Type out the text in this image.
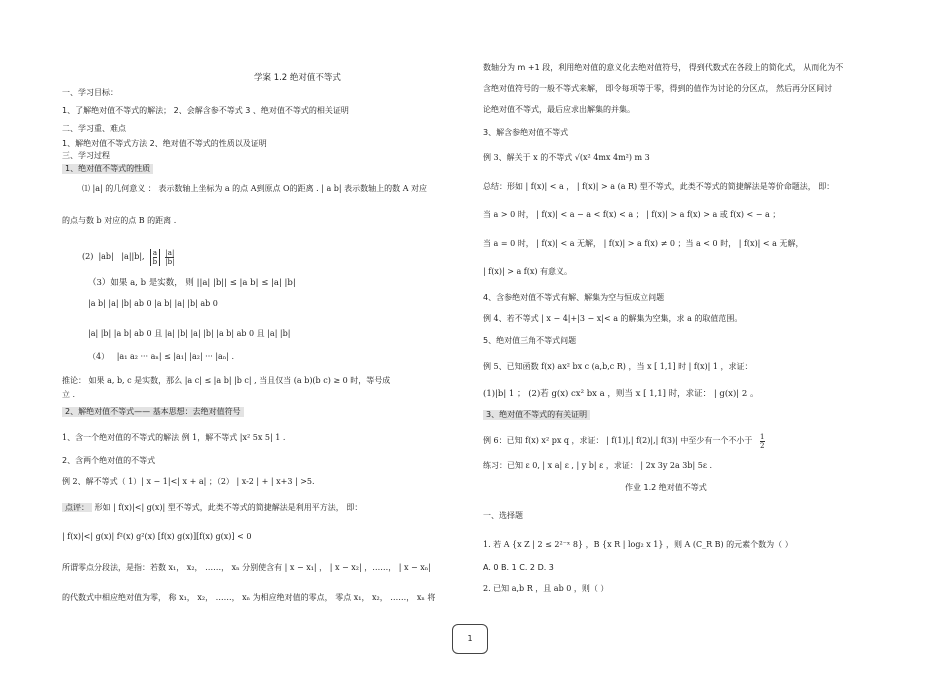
学案 1.2 绝对值不等式
一、学习目标：
1、了解绝对值不等式的解法； 2、会解含参不等式 3 、绝对值不等式的相关证明
二、学习重、难点
1、解绝对值不等式方法 2、绝对值不等式的性质以及证明
三、学习过程
1、绝对值不等式的性质
⑴ |a| 的几何意义 ： 表示数轴上坐标为 a 的点 A到原点 O的距离 . | a b| 表示数轴上的数 A 对应
的点与数 b 对应的点 B 的距离 .
(2) |ab| |a||b|, $\frac{a}{b}$
$\frac{|a|}{|b|}$
（3）如果 a, b 是实数， 则 ||a| |b|| ≤ |a b| ≤ |a| |b|
|a b| |a| |b| ab 0 |a b| |a| |b| ab 0
|a| |b| |a b| ab 0 且 |a| |b| |a| |b| |a b| ab 0 且 |a| |b|
（4） |a₁ a₂ ··· aₙ| ≤ |a₁| |a₂| ··· |aₙ| .
推论： 如果 a, b, c 是实数，那么 |a c| ≤ |a b| |b c| , 当且仅当 (a b)(b c) ≥ 0 时，等号成
立 .
2、解绝对值不等式—— 基本思想：去绝对值符号
1、含一个绝对值的不等式的解法 例 1，解不等式 |x² 5x 5| 1 .
2、含两个绝对值的不等式
例 2、解不等式（ 1）| x − 1|<| x + a| ；（2） | x-2 | + | x+3 | >5.
点评： 形如 | f(x)|<| g(x)| 型不等式，此类不等式的简捷解法是利用平方法， 即：
| f(x)|<| g(x)| f²(x) g²(x) [f(x) g(x)][f(x) g(x)] < 0
所谓零点分段法，是指：若数 x₁， x₂， ……， xₙ 分别使含有 | x − x₁| ， | x − x₂| ，……， | x − xₙ|
的代数式中相应绝对值为零， 称 x₁， x₂， ……， xₙ 为相应绝对值的零点， 零点 x₁， x₂， ……， xₙ 将
数轴分为 m +1 段，利用绝对值的意义化去绝对值符号， 得到代数式在各段上的简化式， 从而化为不
含绝对值符号的一般不等式来解， 即令每项等于零，得到的值作为讨论的分区点， 然后再分区间讨
论绝对值不等式，最后应求出解集的并集。
3、解含参绝对值不等式
例 3、解关于 x 的不等式 √(x² 4mx 4m²) m 3
总结：形如 | f(x)| < a ， | f(x)| > a (a R) 型不等式，此类不等式的简捷解法是等价命题法， 即：
当 a > 0 时， | f(x)| < a − a < f(x) < a ； | f(x)| > a f(x) > a 或 f(x) < − a ；
当 a = 0 时， | f(x)| < a 无解， | f(x)| > a f(x) ≠ 0 ；当 a < 0 时， | f(x)| < a 无解，
| f(x)| > a f(x) 有意义。
4、含参绝对值不等式有解、解集为空与恒成立问题
例 4、若不等式 | x − 4|+|3 − x|< a 的解集为空集，求 a 的取值范围。
5、绝对值三角不等式问题
例 5、已知函数 f(x) ax² bx c (a,b,c R) ，当 x [ 1,1] 时 | f(x)| 1 ，求证：
(1)|b| 1 ； (2)若 g(x) cx² bx a ，则当 x [ 1,1] 时，求证： | g(x)| 2 。
3、绝对值不等式的有关证明
例 6：已知 f(x) x² px q ，求证： | f(1)|,| f(2)|,| f(3)| 中至少有一个不小于 $\frac{1}{2}$
练习：已知 ε 0, | x a| ε , | y b| ε ，求证： | 2x 3y 2a 3b| 5ε .
作业 1.2 绝对值不等式
一、选择题
1. 若 A {x Z | 2 ≤ 2²⁻ˣ 8} ，B {x R | log₂ x 1} ，则 A (C_R B) 的元素个数为（ ）
A. 0 B. 1 C. 2 D. 3
2. 已知 a,b R ，且 ab 0 ，则（ ）
1
